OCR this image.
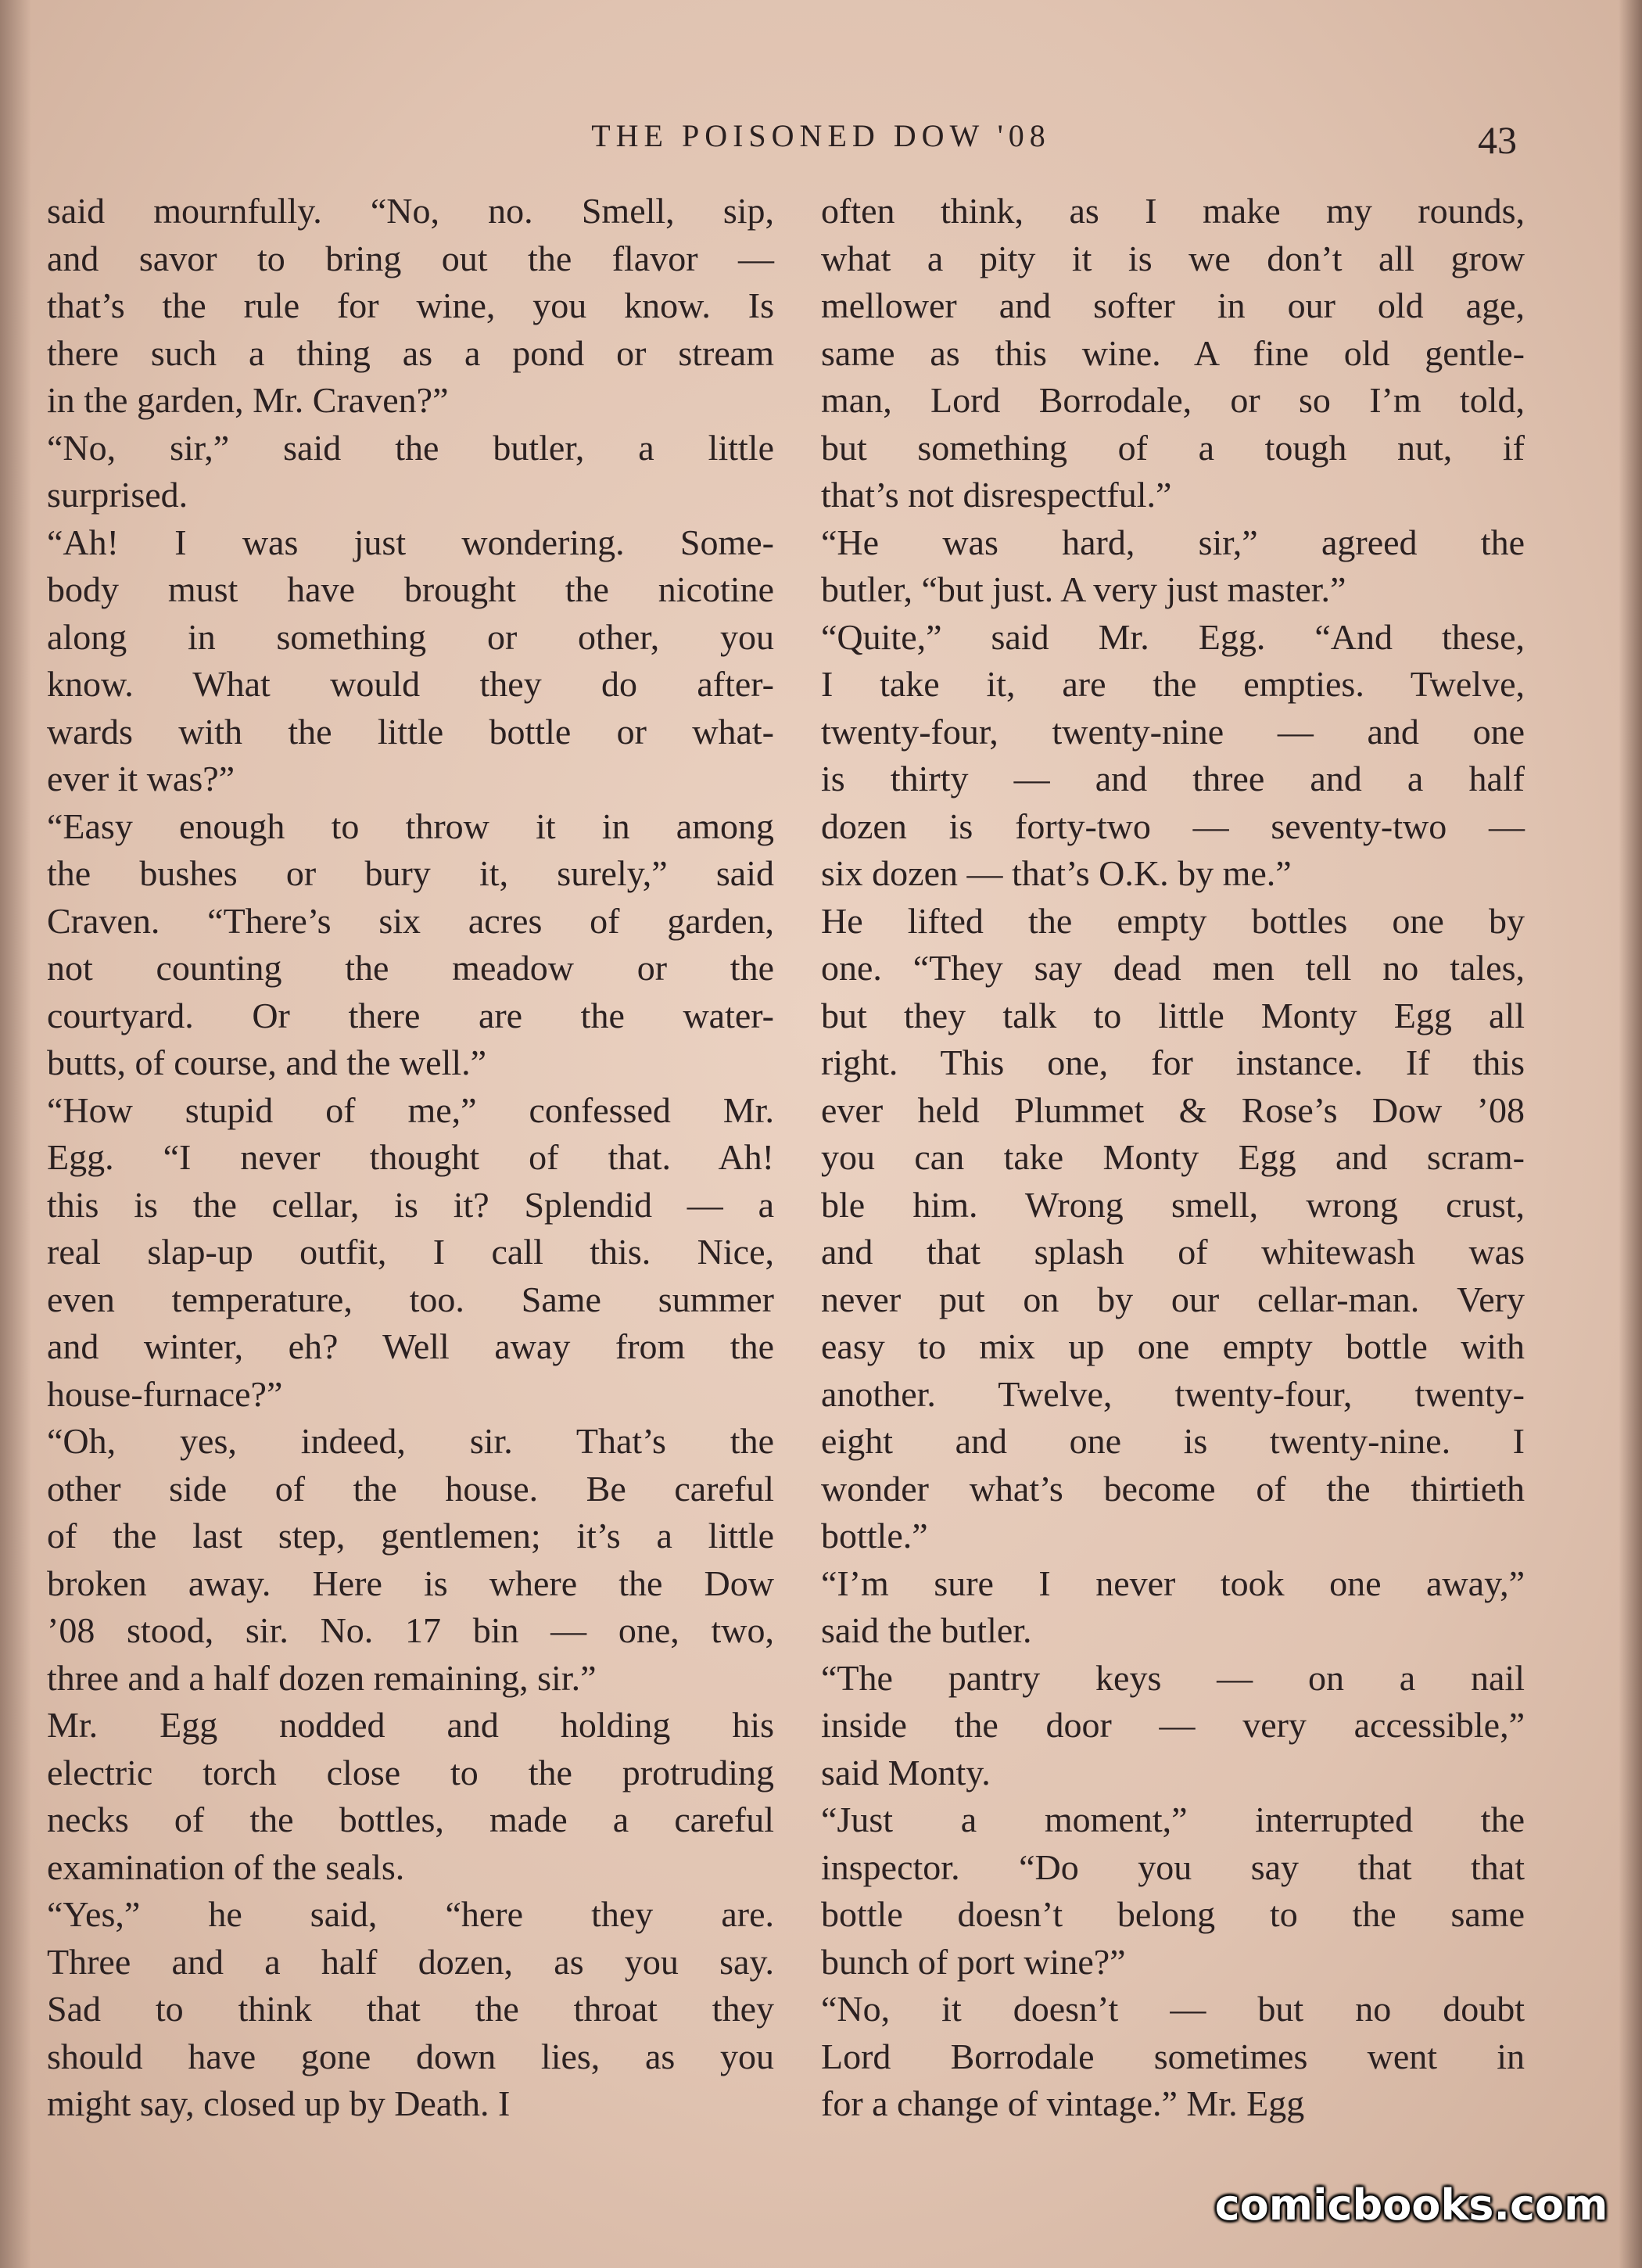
THE POISONED DOW '08	43
said mournfully. “No, no. Smell, sip,
and savor to bring out the flavor —
that’s the rule for wine, you know. Is
there such a thing as a pond or stream
in the garden, Mr. Craven?”
“No, sir,” said the butler, a little
surprised.
“Ah! I was just wondering. Some-
body must have brought the nicotine
along in something or other, you
know. What would they do after-
wards with the little bottle or what-
ever it was?”
“Easy enough to throw it in among
the bushes or bury it, surely,” said
Craven. “There’s six acres of garden,
not counting the meadow or the
courtyard. Or there are the water-
butts, of course, and the well.”
“How stupid of me,” confessed Mr.
Egg. “I never thought of that. Ah!
this is the cellar, is it? Splendid — a
real slap-up outfit, I call this. Nice,
even temperature, too. Same summer
and winter, eh? Well away from the
house-furnace?”
“Oh, yes, indeed, sir. That’s the
other side of the house. Be careful
of the last step, gentlemen; it’s a little
broken away. Here is where the Dow
’08 stood, sir. No. 17 bin — one, two,
three and a half dozen remaining, sir.”
Mr. Egg nodded and holding his
electric torch close to the protruding
necks of the bottles, made a careful
examination of the seals.
“Yes,” he said, “here they are.
Three and a half dozen, as you say.
Sad to think that the throat they
should have gone down lies, as you
might say, closed up by Death. I
often think, as I make my rounds,
what a pity it is we don’t all grow
mellower and softer in our old age,
same as this wine. A fine old gentle-
man, Lord Borrodale, or so I’m told,
but something of a tough nut, if
that’s not disrespectful.”
“He was hard, sir,” agreed the
butler, “but just. A very just master.”
“Quite,” said Mr. Egg. “And these,
I take it, are the empties. Twelve,
twenty-four, twenty-nine — and one
is thirty — and three and a half
dozen is forty-two — seventy-two —
six dozen — that’s O.K. by me.”
He lifted the empty bottles one by
one. “They say dead men tell no tales,
but they talk to little Monty Egg all
right. This one, for instance. If this
ever held Plummet & Rose’s Dow ’08
you can take Monty Egg and scram-
ble him. Wrong smell, wrong crust,
and that splash of whitewash was
never put on by our cellar-man. Very
easy to mix up one empty bottle with
another. Twelve, twenty-four, twenty-
eight and one is twenty-nine. I
wonder what’s become of the thirtieth
bottle.”
“I’m sure I never took one away,”
said the butler.
“The pantry keys — on a nail
inside the door — very accessible,”
said Monty.
“Just a moment,” interrupted the
inspector. “Do you say that that
bottle doesn’t belong to the same
bunch of port wine?”
“No, it doesn’t — but no doubt
Lord Borrodale sometimes went in
for a change of vintage.” Mr. Egg
comicbooks.com
